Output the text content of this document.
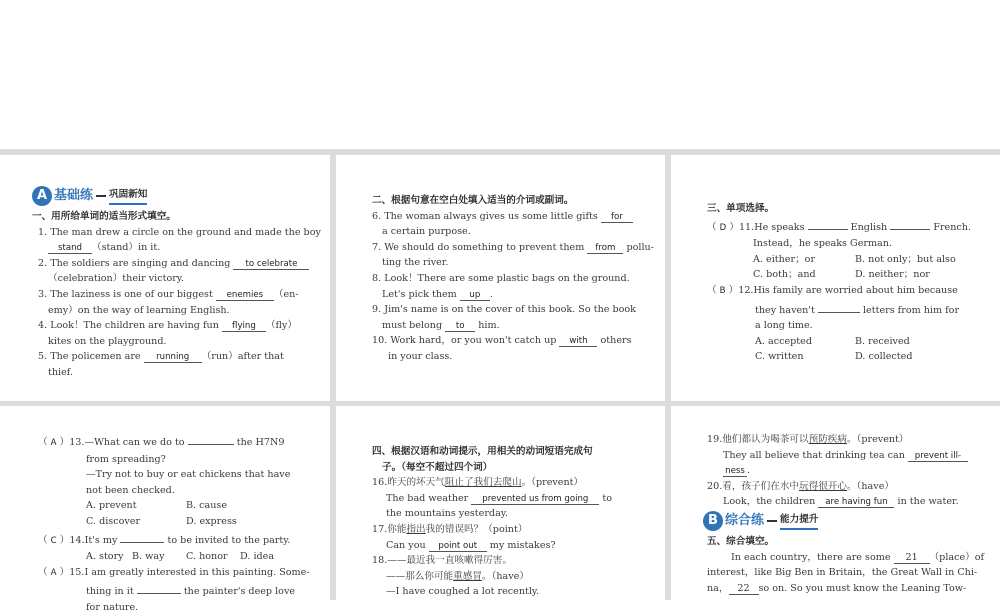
A 基础练 巩固新知
一、用所给单词的适当形式填空。
1. The man drew a circle on the ground and made the boy
stand （stand）in it.
2. The soldiers are singing and dancing to celebrate
（celebration）their victory.
3. The laziness is one of our biggest enemies （en-
emy）on the way of learning English.
4. Look！The children are having fun flying （fly）
kites on the playground.
5. The policemen are running （run）after that
thief.
二、根据句意在空白处填入适当的介词或副词。
6. The woman always gives us some little gifts for
a certain purpose.
7. We should do something to prevent them from pollu-
ting the river.
8. Look！There are some plastic bags on the ground.
Let's pick them up .
9. Jim's name is on the cover of this book. So the book
must belong to him.
10. Work hard，or you won't catch up with others
in your class.
三、单项选择。
（ D ）11.He speaks	English	French.
Instead，he speaks German.
A. either；or	B. not only；but also
C. both；and	D. neither；nor
（ B ）12.His family are worried about him because
they haven't	letters from him for
a long time.
A. accepted	B. received
C. written	D. collected
（ A ）13.—What can we do to	the H7N9
from spreading?
—Try not to buy or eat chickens that have
not been checked.
A. prevent	B. cause
C. discover	D. express
（ C ）14.It's my	to be invited to the party.
A. story B. way	C. honor	D. idea
（ A ）15.I am greatly interested in this painting. Some-
thing in it	the painter's deep love
for nature.
四、根据汉语和动词提示，用相关的动词短语完成句
子。（每空不超过四个词）
16.昨天的坏天气阻止了我们去爬山。（prevent）
The bad weather prevented us from going to
the mountains yesterday.
17.你能指出我的错误吗？（point）
Can you point out my mistakes?
18.——最近我一直咳嗽得厉害。
——那么你可能重感冒。（have）
—I have coughed a lot recently.
19.他们都认为喝茶可以预防疾病。（prevent）
They all believe that drinking tea can prevent ill-
ness .
20.看，孩子们在水中玩得很开心。（have）
Look，the children are having fun in the water.
B 综合练 能力提升
五、综合填空。
In each country，there are some 21 （place）of
interest，like Big Ben in Britain，the Great Wall in Chi-
na， 22 so on. So you must know the Leaning Tow-
